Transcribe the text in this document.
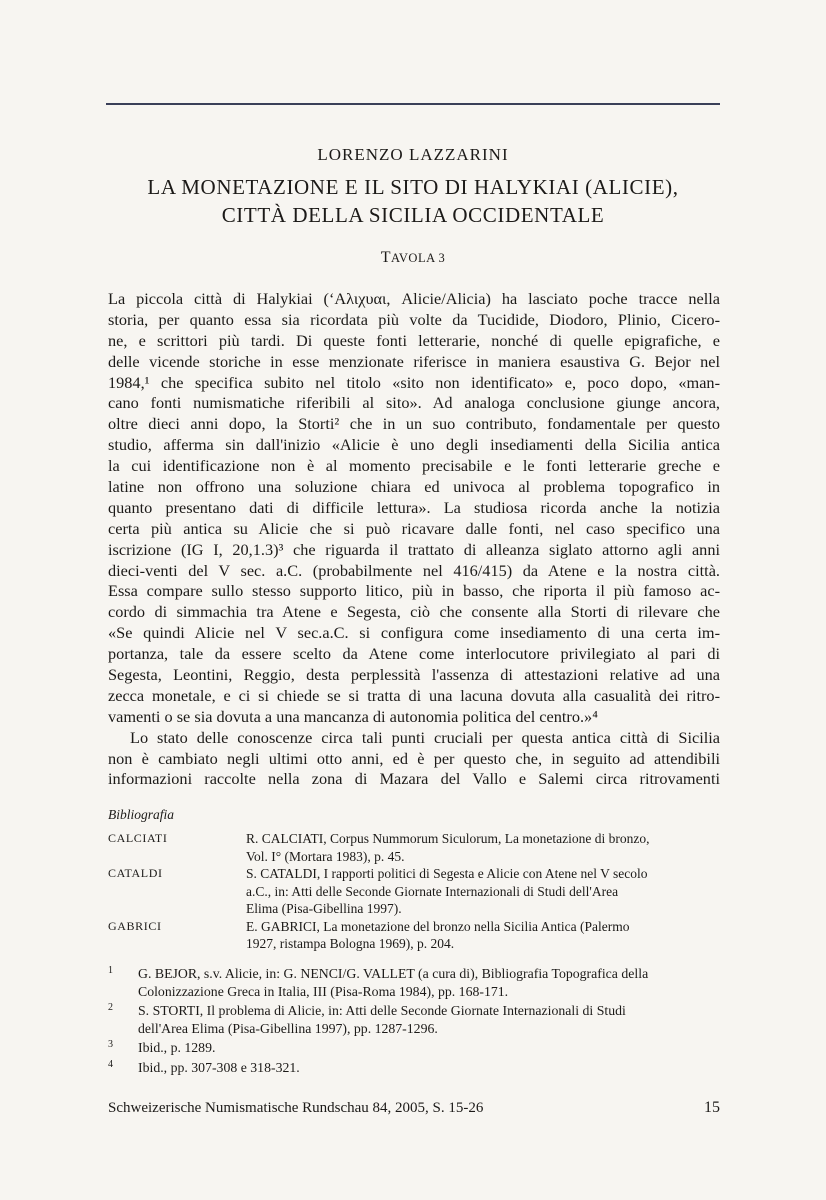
LORENZO LAZZARINI
LA MONETAZIONE E IL SITO DI HALYKIAI (ALICIE),
CITTÀ DELLA SICILIA OCCIDENTALE
TAVOLA 3
La piccola città di Halykiai (‘Αλιχυαι, Alicie/Alicia) ha lasciato poche tracce nella
storia, per quanto essa sia ricordata più volte da Tucidide, Diodoro, Plinio, Cicero-
ne, e scrittori più tardi. Di queste fonti letterarie, nonché di quelle epigrafiche, e
delle vicende storiche in esse menzionate riferisce in maniera esaustiva G. Bejor nel
1984,¹ che specifica subito nel titolo «sito non identificato» e, poco dopo, «man-
cano fonti numismatiche riferibili al sito». Ad analoga conclusione giunge ancora,
oltre dieci anni dopo, la Storti² che in un suo contributo, fondamentale per questo
studio, afferma sin dall'inizio «Alicie è uno degli insediamenti della Sicilia antica
la cui identificazione non è al momento precisabile e le fonti letterarie greche e
latine non offrono una soluzione chiara ed univoca al problema topografico in
quanto presentano dati di difficile lettura». La studiosa ricorda anche la notizia
certa più antica su Alicie che si può ricavare dalle fonti, nel caso specifico una
iscrizione (IG I, 20,1.3)³ che riguarda il trattato di alleanza siglato attorno agli anni
dieci-venti del V sec. a.C. (probabilmente nel 416/415) da Atene e la nostra città.
Essa compare sullo stesso supporto litico, più in basso, che riporta il più famoso ac-
cordo di simmachia tra Atene e Segesta, ciò che consente alla Storti di rilevare che
«Se quindi Alicie nel V sec.a.C. si configura come insediamento di una certa im-
portanza, tale da essere scelto da Atene come interlocutore privilegiato al pari di
Segesta, Leontini, Reggio, desta perplessità l'assenza di attestazioni relative ad una
zecca monetale, e ci si chiede se si tratta di una lacuna dovuta alla casualità dei ritro-
vamenti o se sia dovuta a una mancanza di autonomia politica del centro.»⁴
Lo stato delle conoscenze circa tali punti cruciali per questa antica città di Sicilia
non è cambiato negli ultimi otto anni, ed è per questo che, in seguito ad attendibili
informazioni raccolte nella zona di Mazara del Vallo e Salemi circa ritrovamenti
Bibliografia
CALCIATI	R. CALCIATI, Corpus Nummorum Siculorum, La monetazione di bronzo,
Vol. I° (Mortara 1983), p. 45.
CATALDI	S. CATALDI, I rapporti politici di Segesta e Alicie con Atene nel V secolo
a.C., in: Atti delle Seconde Giornate Internazionali di Studi dell'Area
Elima (Pisa-Gibellina 1997).
GABRICI	E. GABRICI, La monetazione del bronzo nella Sicilia Antica (Palermo
1927, ristampa Bologna 1969), p. 204.
1 G. BEJOR, s.v. Alicie, in: G. NENCI/G. VALLET (a cura di), Bibliografia Topografica della
Colonizzazione Greca in Italia, III (Pisa-Roma 1984), pp. 168-171.
2 S. STORTI, Il problema di Alicie, in: Atti delle Seconde Giornate Internazionali di Studi
dell'Area Elima (Pisa-Gibellina 1997), pp. 1287-1296.
3 Ibid., p. 1289.
4 Ibid., pp. 307-308 e 318-321.
Schweizerische Numismatische Rundschau 84, 2005, S. 15-26	15
